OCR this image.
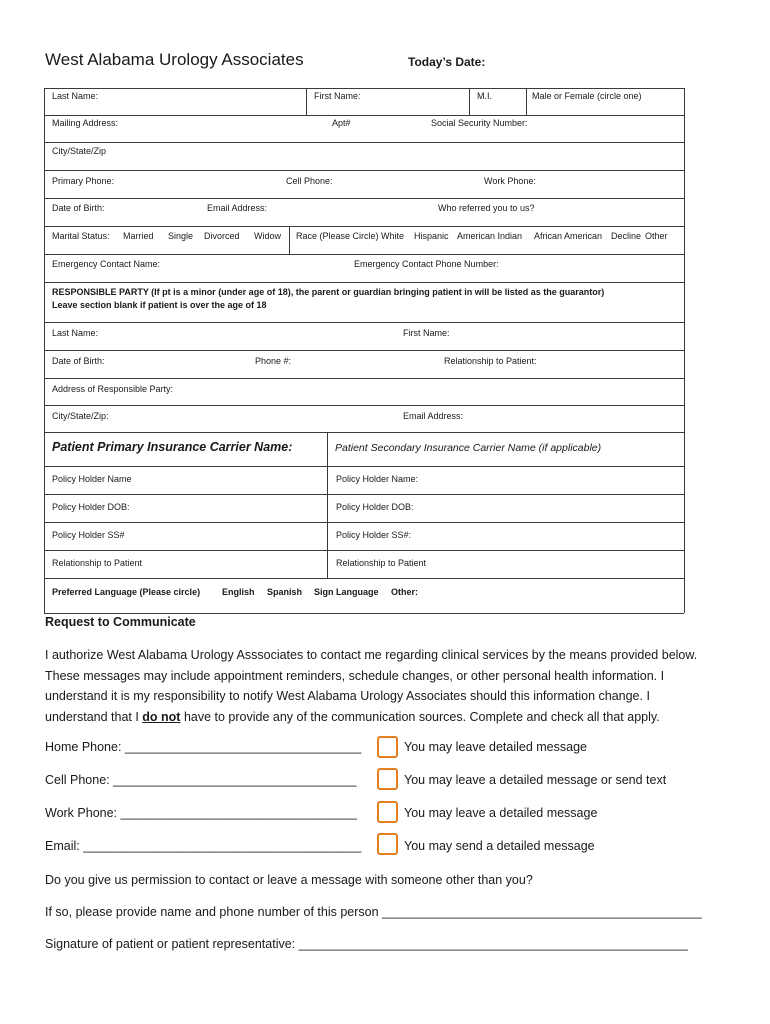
West Alabama Urology Associates	Today’s Date:
Last Name:	First Name:	M.I.	Male or Female (circle one)
Mailing Address:	Apt#	Social Security Number:
City/State/Zip
Primary Phone:	Cell Phone:	Work Phone:
Date of Birth:	Email Address:	Who referred you to us?
Marital Status: Married Single Divorced Widow Race (Please Circle) White Hispanic American Indian African American Decline Other
Emergency Contact Name:	Emergency Contact Phone Number:
RESPONSIBLE PARTY (If pt is a minor (under age of 18), the parent or guardian bringing patient in will be listed as the guarantor)
Leave section blank if patient is over the age of 18
Last Name:	First Name:
Date of Birth:	Phone #:	Relationship to Patient:
Address of Responsible Party:
City/State/Zip:	Email Address:
Patient Primary Insurance Carrier Name:	Patient Secondary Insurance Carrier Name (if applicable)
Policy Holder Name	Policy Holder Name:
Policy Holder DOB:	Policy Holder DOB:
Policy Holder SS#	Policy Holder SS#:
Relationship to Patient	Relationship to Patient
Preferred Language (Please circle) English Spanish Sign Language Other:
Request to Communicate
I authorize West Alabama Urology Asssociates to contact me regarding clinical services by the means provided below.
These messages may include appointment reminders, schedule changes, or other personal health information. I
understand it is my responsibility to notify West Alabama Urology Associates should this information change. I
understand that I do not have to provide any of the communication sources. Complete and check all that apply.
Home Phone: __________________________________	You may leave detailed message
Cell Phone: ___________________________________	You may leave a detailed message or send text
Work Phone: __________________________________	You may leave a detailed message
Email: ________________________________________	You may send a detailed message
Do you give us permission to contact or leave a message with someone other than you?
If so, please provide name and phone number of this person ______________________________________________
Signature of patient or patient representative: ________________________________________________________
